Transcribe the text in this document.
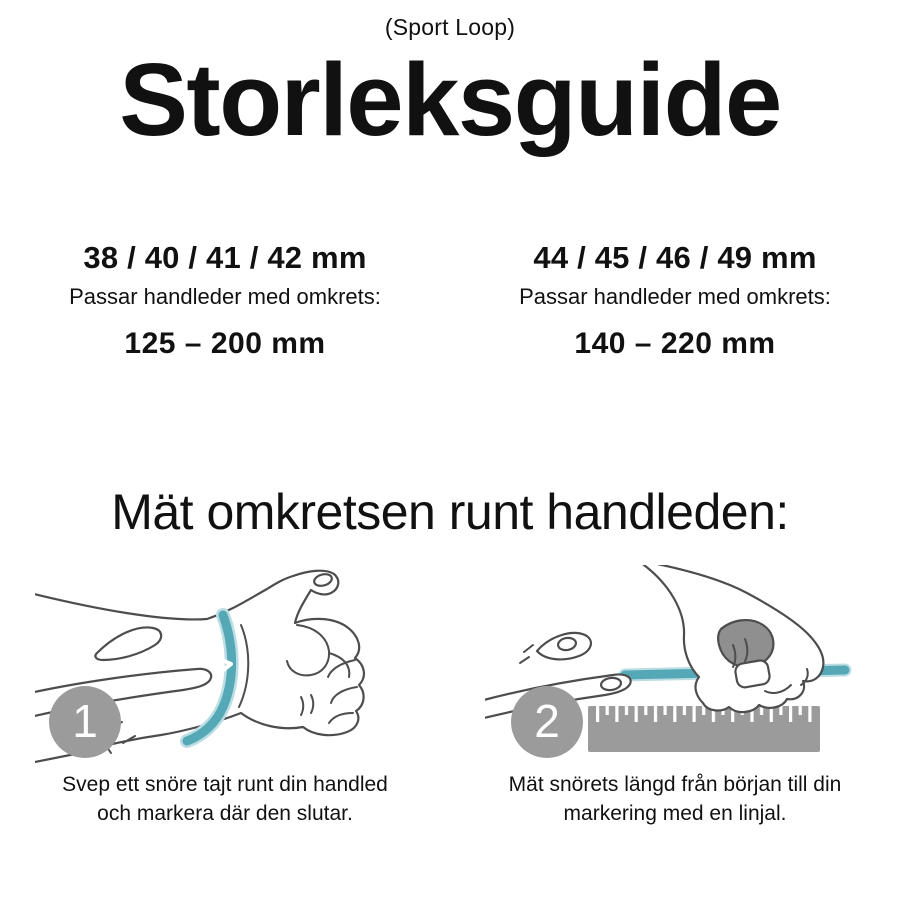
(Sport Loop)
Storleksguide
38 / 40 / 41 / 42 mm
Passar handleder med omkrets:
125 – 200 mm
44 / 45 / 46 / 49 mm
Passar handleder med omkrets:
140 – 220 mm
Mät omkretsen runt handleden:
1
Svep ett snöre tajt runt din handled
och markera där den slutar.
2
Mät snörets längd från början till din
markering med en linjal.
